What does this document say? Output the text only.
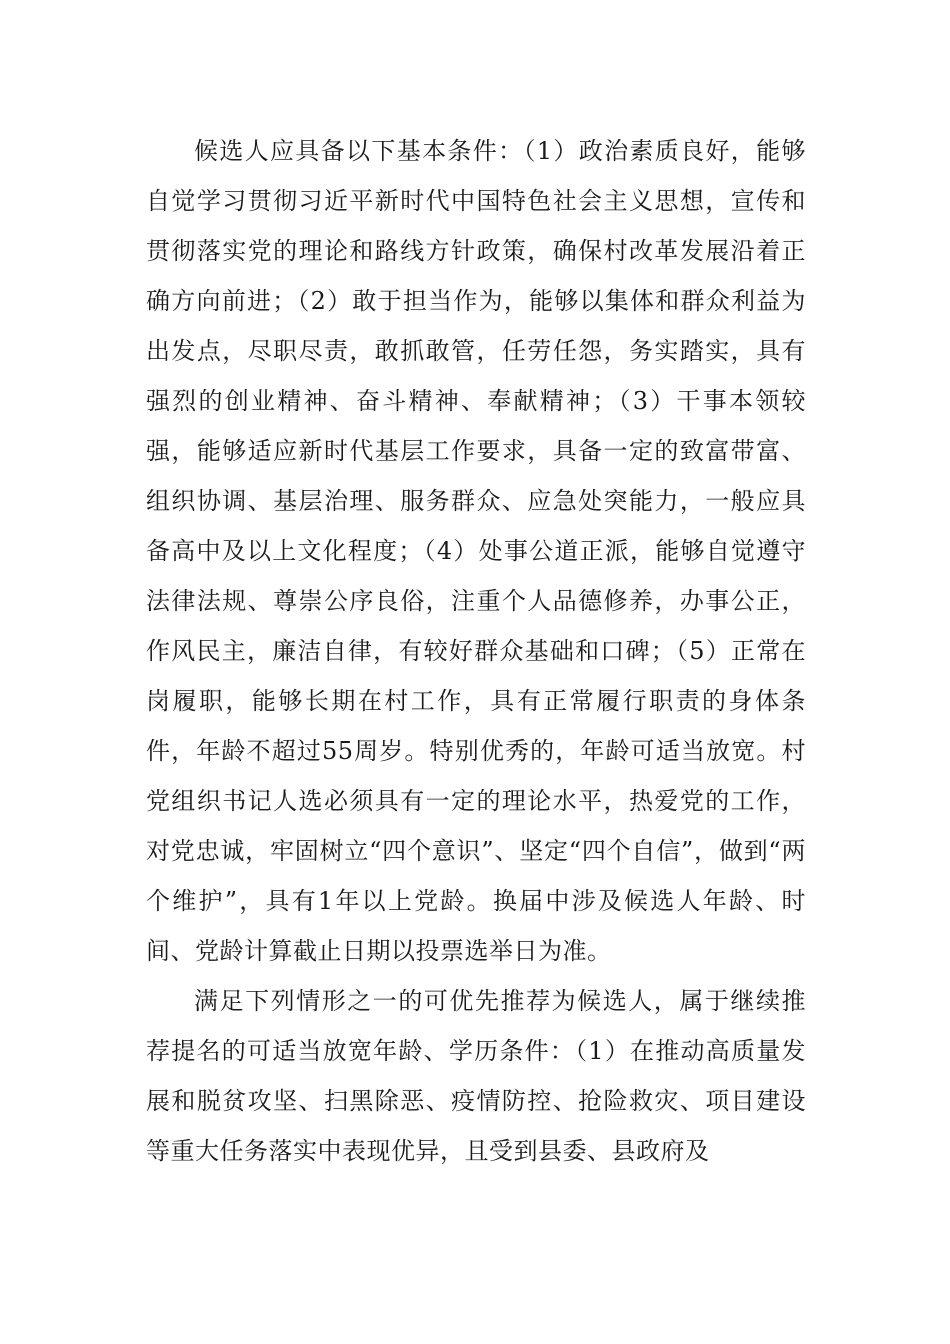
候选人应具备以下基本条件：（1）政治素质良好，能够自觉学习贯彻习近平新时代中国特色社会主义思想，宣传和贯彻落实党的理论和路线方针政策，确保村改革发展沿着正确方向前进；（2）敢于担当作为，能够以集体和群众利益为出发点，尽职尽责，敢抓敢管，任劳任怨，务实踏实，具有强烈的创业精神、奋斗精神、奉献精神；（3）干事本领较强，能够适应新时代基层工作要求，具备一定的致富带富、组织协调、基层治理、服务群众、应急处突能力，一般应具备高中及以上文化程度；（4）处事公道正派，能够自觉遵守法律法规、尊崇公序良俗，注重个人品德修养，办事公正，作风民主，廉洁自律，有较好群众基础和口碑；（5）正常在岗履职，能够长期在村工作，具有正常履行职责的身体条件，年龄不超过55周岁。特别优秀的，年龄可适当放宽。村党组织书记人选必须具有一定的理论水平，热爱党的工作，对党忠诚，牢固树立“四个意识”、坚定“四个自信”，做到“两个维护”，具有1年以上党龄。换届中涉及候选人年龄、时间、党龄计算截止日期以投票选举日为准。

满足下列情形之一的可优先推荐为候选人，属于继续推荐提名的可适当放宽年龄、学历条件：（1）在推动高质量发展和脱贫攻坚、扫黑除恶、疫情防控、抢险救灾、项目建设等重大任务落实中表现优异，且受到县委、县政府及
